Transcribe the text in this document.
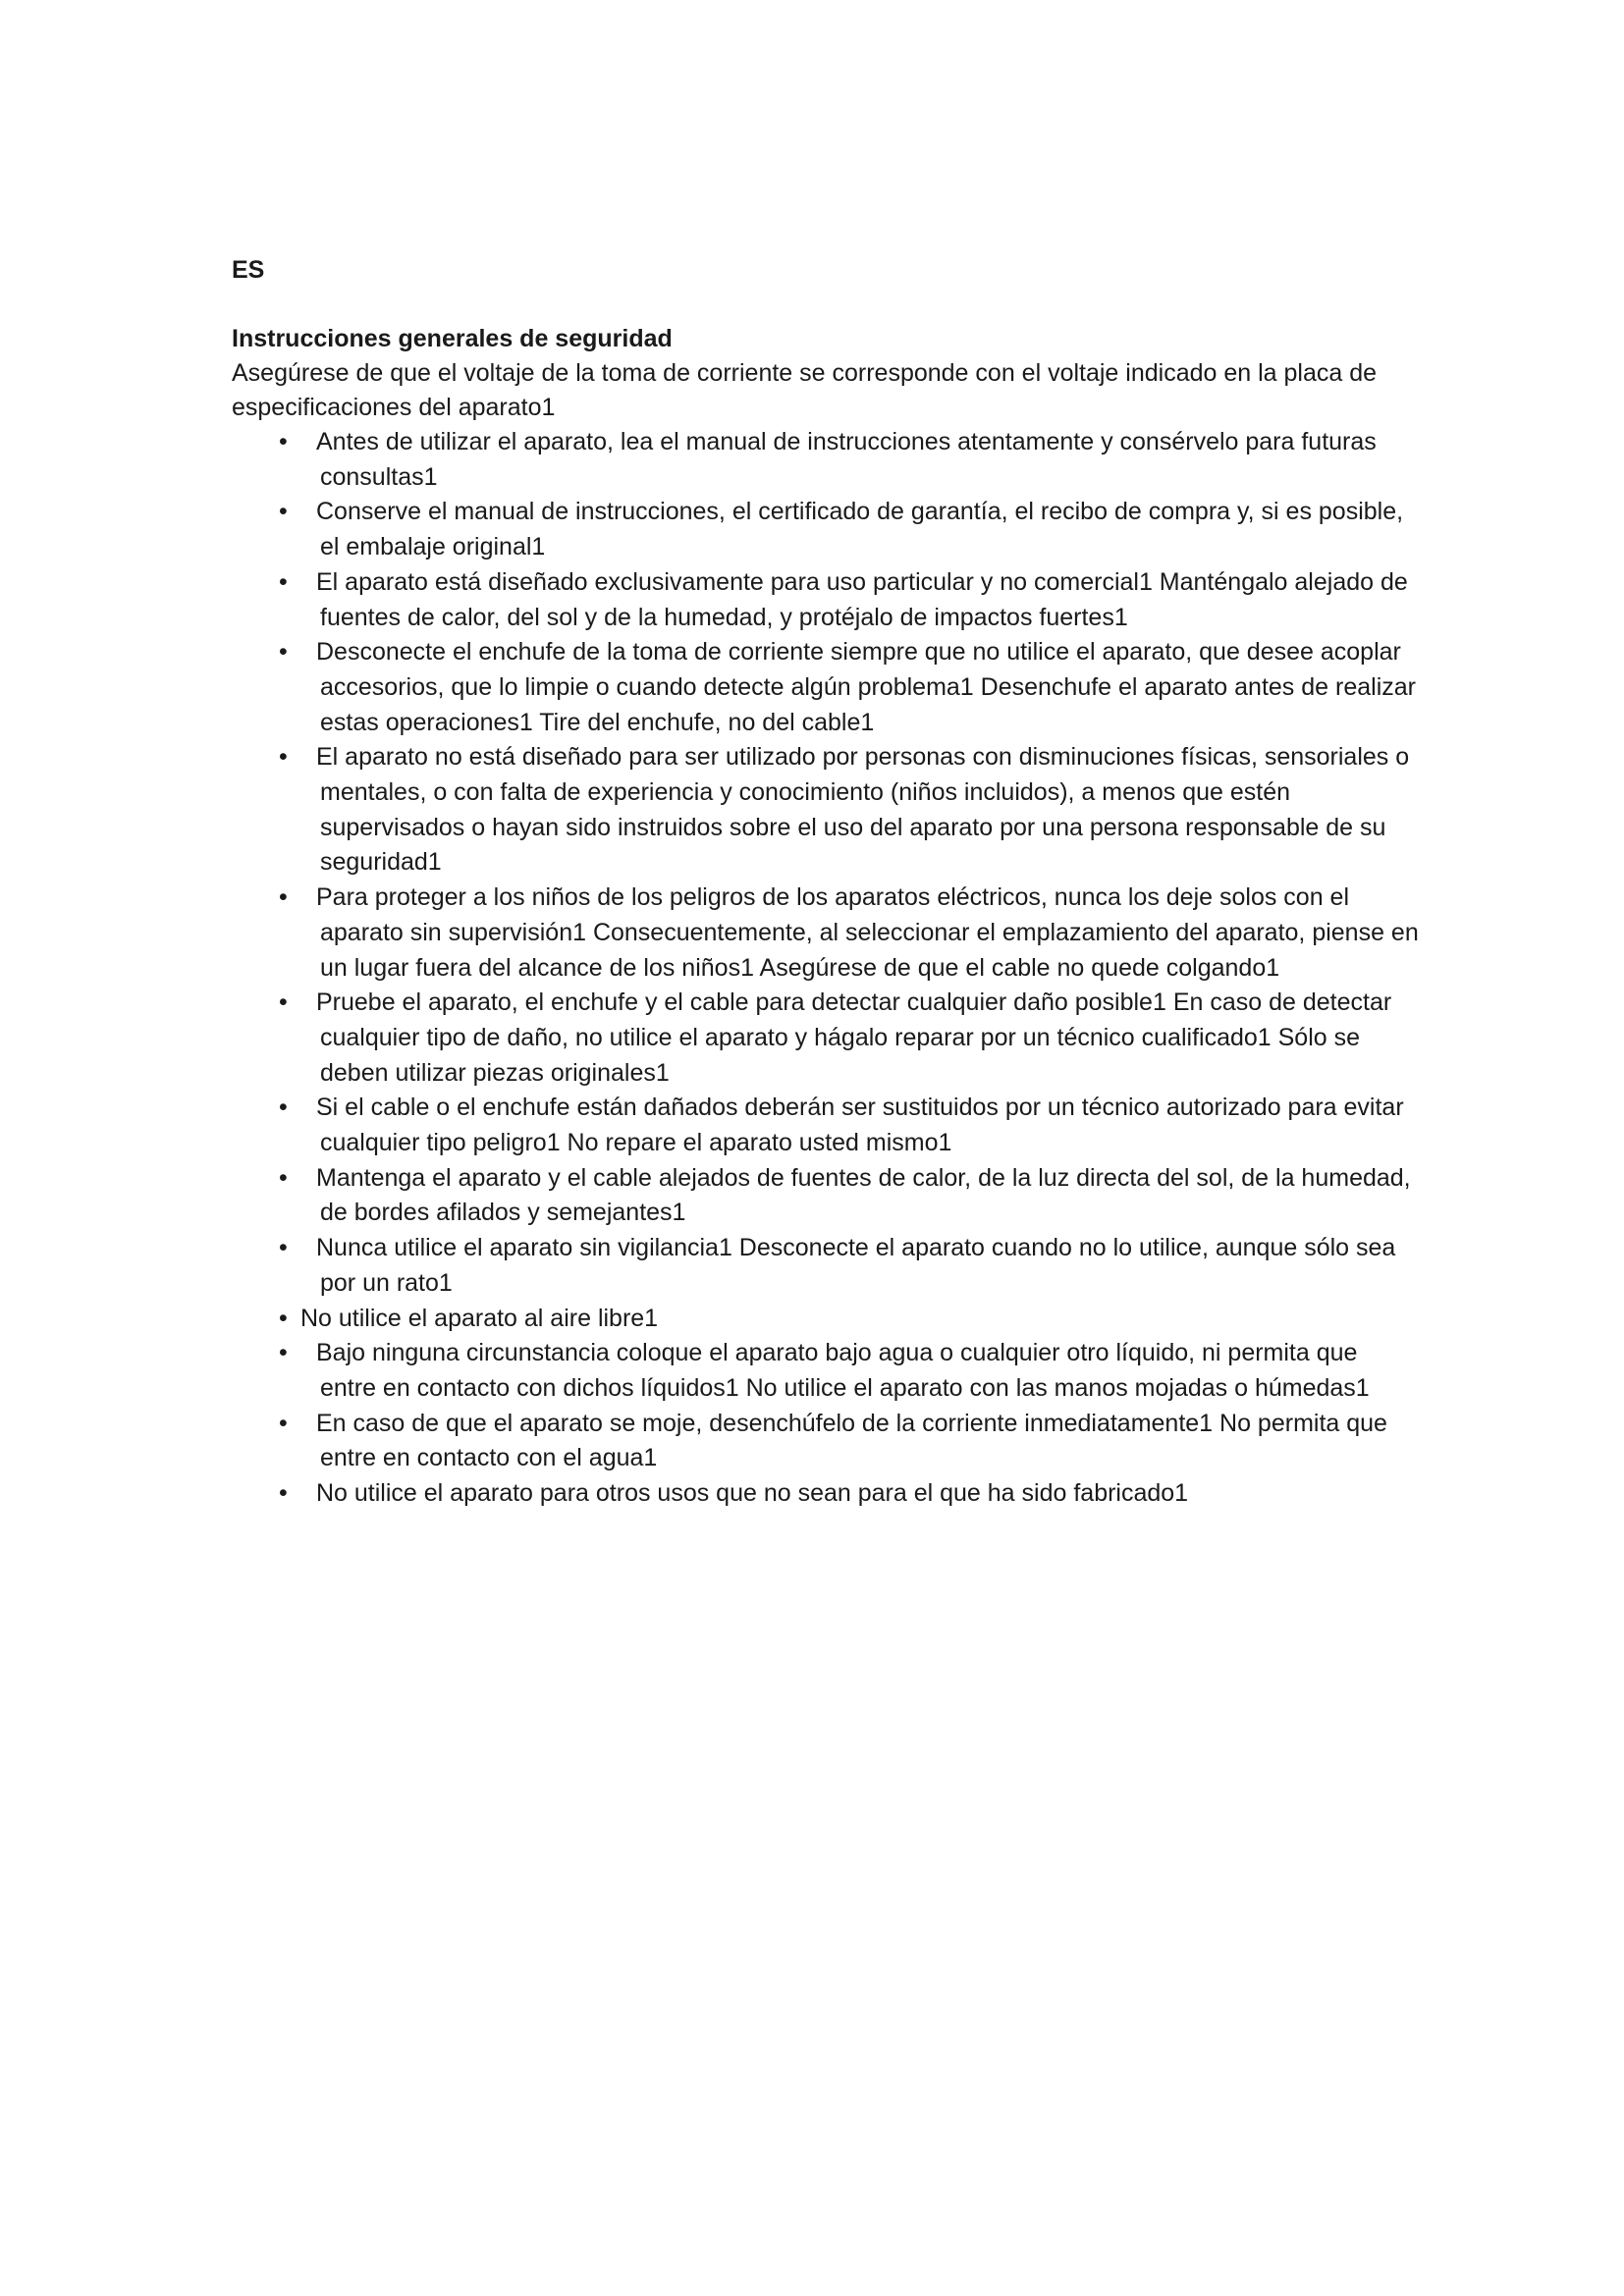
ES

Instrucciones generales de seguridad

Asegúrese de que el voltaje de la toma de corriente se corresponde con el voltaje indicado en la placa de especificaciones del aparato1

•	Antes de utilizar el aparato, lea el manual de instrucciones atentamente y consérvelo para futuras consultas1
•	Conserve el manual de instrucciones, el certificado de garantía, el recibo de compra y, si es posible, el embalaje original1
•	El aparato está diseñado exclusivamente para uso particular y no comercial1 Manténgalo alejado de fuentes de calor, del sol y de la humedad, y protéjalo de impactos fuertes1
•	Desconecte el enchufe de la toma de corriente siempre que no utilice el aparato, que desee acoplar accesorios, que lo limpie o cuando detecte algún problema1 Desenchufe el aparato antes de realizar estas operaciones1 Tire del enchufe, no del cable1
•	El aparato no está diseñado para ser utilizado por personas con disminuciones físicas, sensoriales o mentales, o con falta de experiencia y conocimiento (niños incluidos), a menos que estén supervisados o hayan sido instruidos sobre el uso del aparato por una persona responsable de su seguridad1
•	Para proteger a los niños de los peligros de los aparatos eléctricos, nunca los deje solos con el aparato sin supervisión1 Consecuentemente, al seleccionar el emplazamiento del aparato, piense en un lugar fuera del alcance de los niños1 Asegúrese de que el cable no quede colgando1
•	Pruebe el aparato, el enchufe y el cable para detectar cualquier daño posible1 En caso de detectar cualquier tipo de daño, no utilice el aparato y hágalo reparar por un técnico cualificado1 Sólo se deben utilizar piezas originales1
•	Si el cable o el enchufe están dañados deberán ser sustituidos por un técnico autorizado para evitar cualquier tipo peligro1 No repare el aparato usted mismo1
•	Mantenga el aparato y el cable alejados de fuentes de calor, de la luz directa del sol, de la humedad, de bordes afilados y semejantes1
•	Nunca utilice el aparato sin vigilancia1 Desconecte el aparato cuando no lo utilice, aunque sólo sea por un rato1
• No utilice el aparato al aire libre1
•	Bajo ninguna circunstancia coloque el aparato bajo agua o cualquier otro líquido, ni permita que entre en contacto con dichos líquidos1 No utilice el aparato con las manos mojadas o húmedas1
•	En caso de que el aparato se moje, desenchúfelo de la corriente inmediatamente1 No permita que entre en contacto con el agua1
•	No utilice el aparato para otros usos que no sean para el que ha sido fabricado1
